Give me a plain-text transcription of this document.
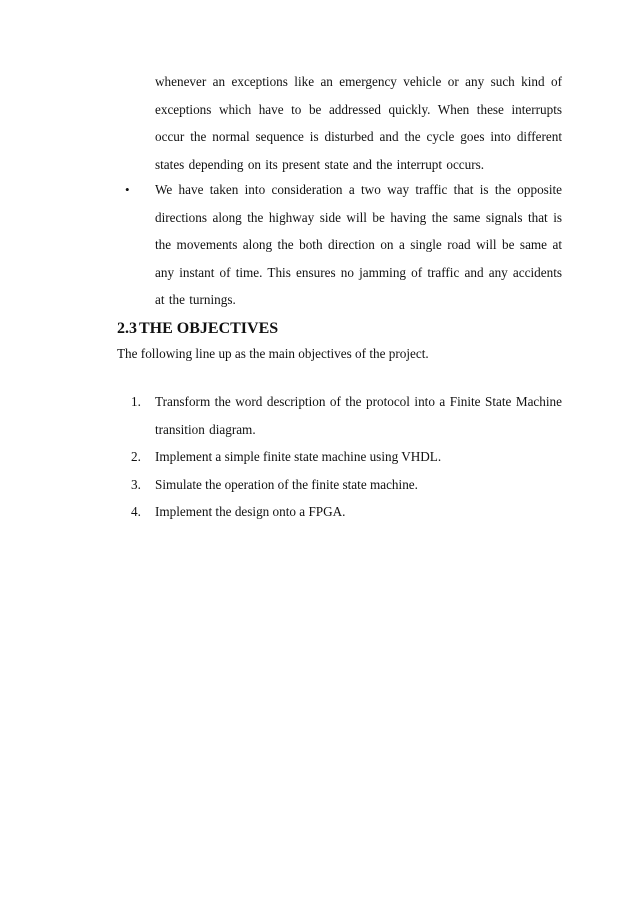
whenever an exceptions like an emergency vehicle or any such kind of exceptions which have to be addressed quickly. When these interrupts occur the normal sequence is disturbed and the cycle goes into different states depending on its present state and the interrupt occurs.

•	We have taken into consideration a two way traffic that is the opposite directions along the highway side will be having the same signals that is the movements along the both direction on a single road will be same at any instant of time. This ensures no jamming of traffic and any accidents at the turnings.

2.3 THE OBJECTIVES

The following line up as the main objectives of the project.

1.	Transform the word description of the protocol into a Finite State Machine transition diagram.
2.	Implement a simple finite state machine using VHDL.
3.	Simulate the operation of the finite state machine.
4.	Implement the design onto a FPGA.
